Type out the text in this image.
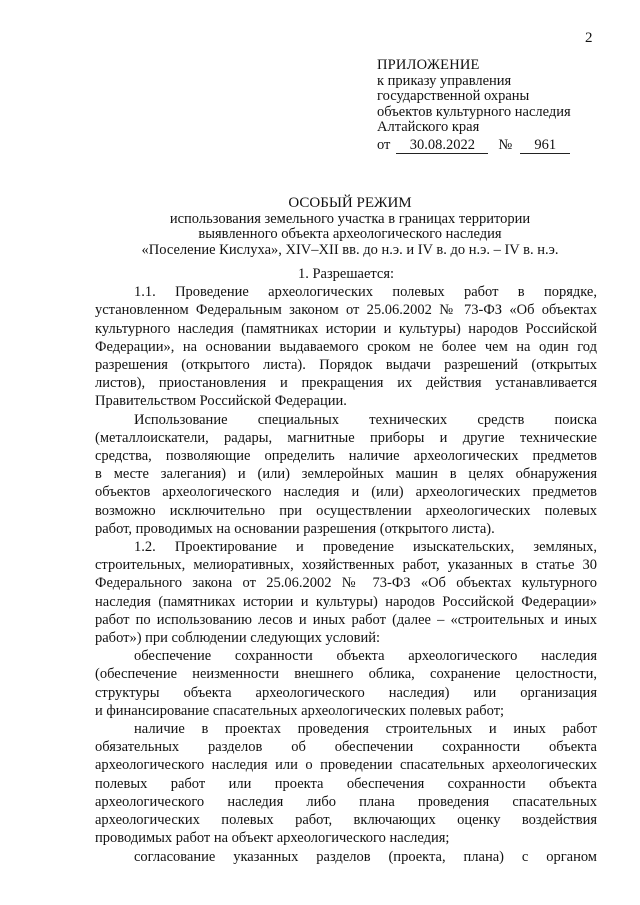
2
ПРИЛОЖЕНИЕ
к приказу управления
государственной охраны
объектов культурного наследия
Алтайского края
от	30.08.2022	№	961
ОСОБЫЙ РЕЖИМ
использования земельного участка в границах территории
выявленного объекта археологического наследия
«Поселение Кислуха», XIV–XII вв. до н.э. и IV в. до н.э. – IV в. н.э.
1. Разрешается:

1.1. Проведение археологических полевых работ в порядке,

установленном Федеральным законом от 25.06.2002 № 73-ФЗ «Об объектах

культурного наследия (памятниках истории и культуры) народов Российской

Федерации», на основании выдаваемого сроком не более чем на один год

разрешения (открытого листа). Порядок выдачи разрешений (открытых

листов), приостановления и прекращения их действия устанавливается

Правительством Российской Федерации.

Использование специальных технических средств поиска

(металлоискатели, радары, магнитные приборы и другие технические

средства, позволяющие определить наличие археологических предметов

в месте залегания) и (или) землеройных машин в целях обнаружения

объектов археологического наследия и (или) археологических предметов

возможно исключительно при осуществлении археологических полевых

работ, проводимых на основании разрешения (открытого листа).

1.2. Проектирование и проведение изыскательских, земляных,

строительных, мелиоративных, хозяйственных работ, указанных в статье 30

Федерального закона от 25.06.2002 № 73-ФЗ «Об объектах культурного

наследия (памятниках истории и культуры) народов Российской Федерации»

работ по использованию лесов и иных работ (далее – «строительных и иных

работ») при соблюдении следующих условий:

обеспечение сохранности объекта археологического наследия

(обеспечение неизменности внешнего облика, сохранение целостности,

структуры объекта археологического наследия) или организация

и финансирование спасательных археологических полевых работ;

наличие в проектах проведения строительных и иных работ

обязательных разделов об обеспечении сохранности объекта

археологического наследия или о проведении спасательных археологических

полевых работ или проекта обеспечения сохранности объекта

археологического наследия либо плана проведения спасательных

археологических полевых работ, включающих оценку воздействия

проводимых работ на объект археологического наследия;

согласование указанных разделов (проекта, плана) с органом
